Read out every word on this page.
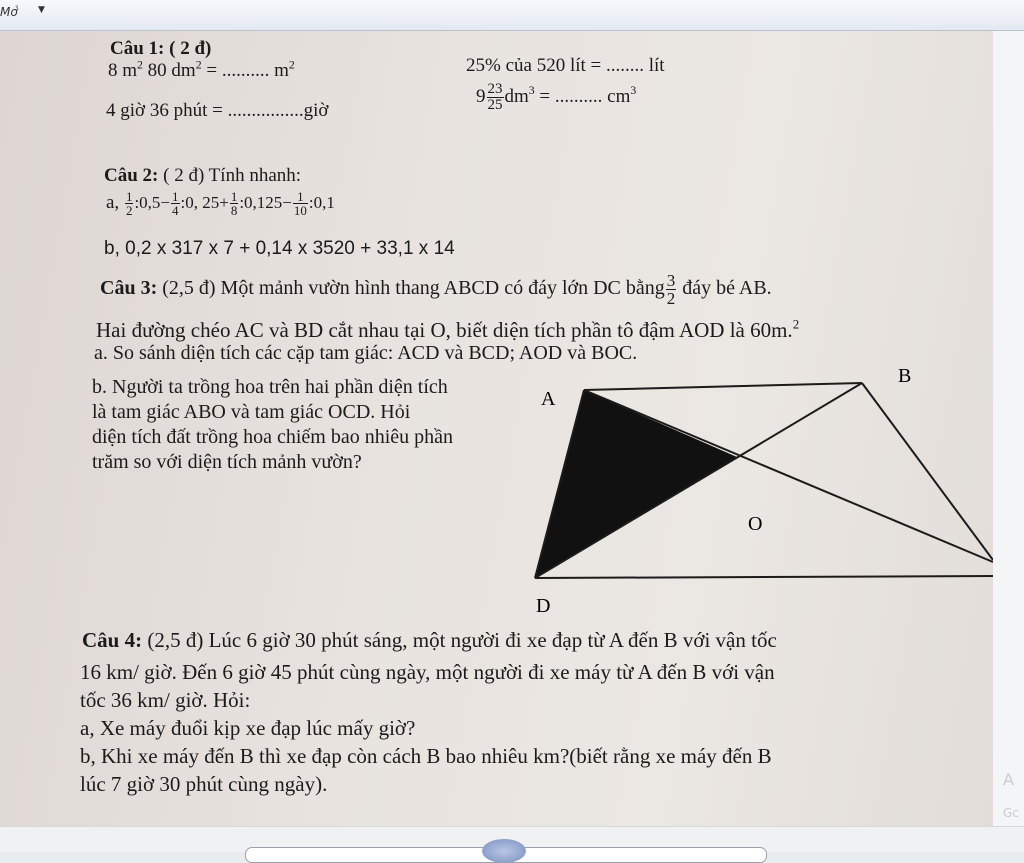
Mở ▼
Câu 1: ( 2 đ)
8 $m^2$ 80 $dm^2$ = .......... $m^2$	25% của 520 lít = ........ lít
4 giờ 36 phút = ................giờ
$9 \frac{23}{25} dm^3$ = .......... $cm^3$
Câu 2: ( 2 đ) Tính nhanh:
a, $\frac{1}{2}$ :0,5− $\frac{1}{4}$ :0, $25+ \frac{1}{8}$ :0,125− $\frac{1}{10}$ :0,1
b, 0,2 x 317 x 7 + 0,14 x 3520 + 33,1 x 14
Câu 3: (2,5 đ) Một mảnh vườn hình thang ABCD có đáy lớn DC bằng $\frac{3}{2}$ đáy bé AB.
Hai đường chéo AC và BD cắt nhau tại O, biết diện tích phần tô đậm AOD là 60m.$^2$
a. So sánh diện tích các cặp tam giác: ACD và BCD; AOD và BOC.
b. Người ta trồng hoa trên hai phần diện tích
là tam giác ABO và tam giác OCD. Hỏi
diện tích đất trồng hoa chiếm bao nhiêu phần
trăm so với diện tích mảnh vườn?
A
B
O
D
Câu 4: (2,5 đ) Lúc 6 giờ 30 phút sáng, một người đi xe đạp từ A đến B với vận tốc
16 km/ giờ. Đến 6 giờ 45 phút cùng ngày, một người đi xe máy từ A đến B với vận
tốc 36 km/ giờ. Hỏi:
a, Xe máy đuổi kịp xe đạp lúc mấy giờ?
b, Khi xe máy đến B thì xe đạp còn cách B bao nhiêu km?(biết rằng xe máy đến B
lúc 7 giờ 30 phút cùng ngày).	A
Gc
